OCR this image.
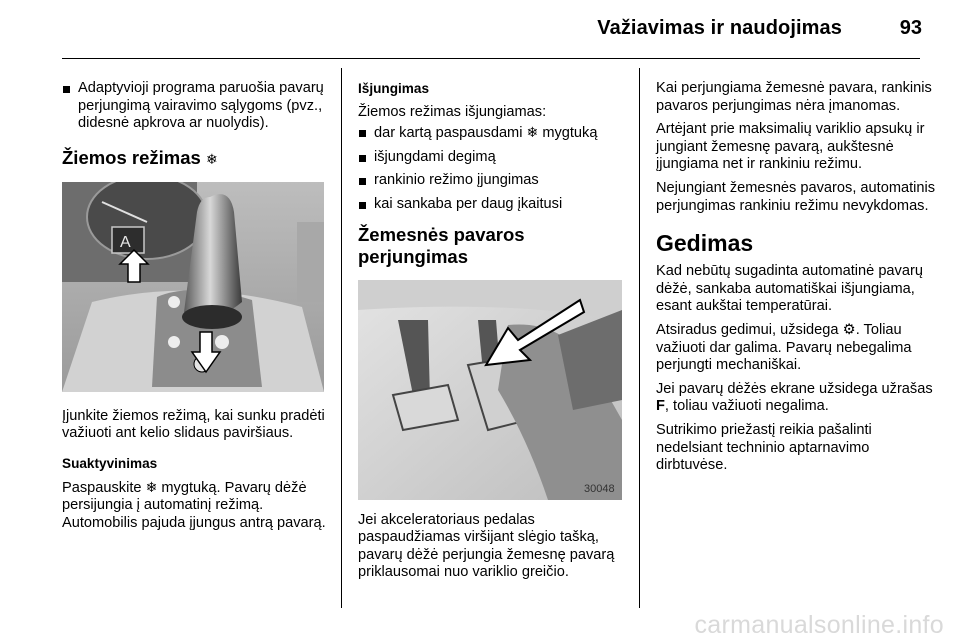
Važiavimas ir naudojimas	93
Adaptyvioji programa paruošia pavarų perjungimą vairavimo sąlygoms (pvz., didesnė apkrova ar nuolydis).
Žiemos režimas ❄
A

Įjunkite žiemos režimą, kai sunku pradėti važiuoti ant kelio slidaus paviršiaus.

Suaktyvinimas

Paspauskite ❄ mygtuką. Pavarų dėžė persijungia į automatinį režimą. Automobilis pajuda įjungus antrą pavarą.

Išjungimas

Žiemos režimas išjungiamas:

dar kartą paspausdami ❄ mygtuką
išjungdami degimą
rankinio režimo įjungimas
kai sankaba per daug įkaitusi
Žemesnės pavaros
perjungimas
30048

Jei akceleratoriaus pedalas paspaudžiamas viršijant slėgio tašką, pavarų dėžė perjungia žemesnę pavarą priklausomai nuo variklio greičio.

Kai perjungiama žemesnė pavara, rankinis pavaros perjungimas nėra įmanomas.

Artėjant prie maksimalių variklio apsukų ir jungiant žemesnę pavarą, aukštesnė įjungiama net ir rankiniu režimu.

Nejungiant žemesnės pavaros, automatinis perjungimas rankiniu režimu nevykdomas.

Gedimas

Kad nebūtų sugadinta automatinė pavarų dėžė, sankaba automatiškai išjungiama, esant aukštai temperatūrai.

Atsiradus gedimui, užsidega ⚙. Toliau važiuoti dar galima. Pavarų nebegalima perjungti mechaniškai.

Jei pavarų dėžės ekrane užsidega užrašas F, toliau važiuoti negalima.

Sutrikimo priežastį reikia pašalinti nedelsiant techninio aptarnavimo dirbtuvėse.

carmanualsonline.info
